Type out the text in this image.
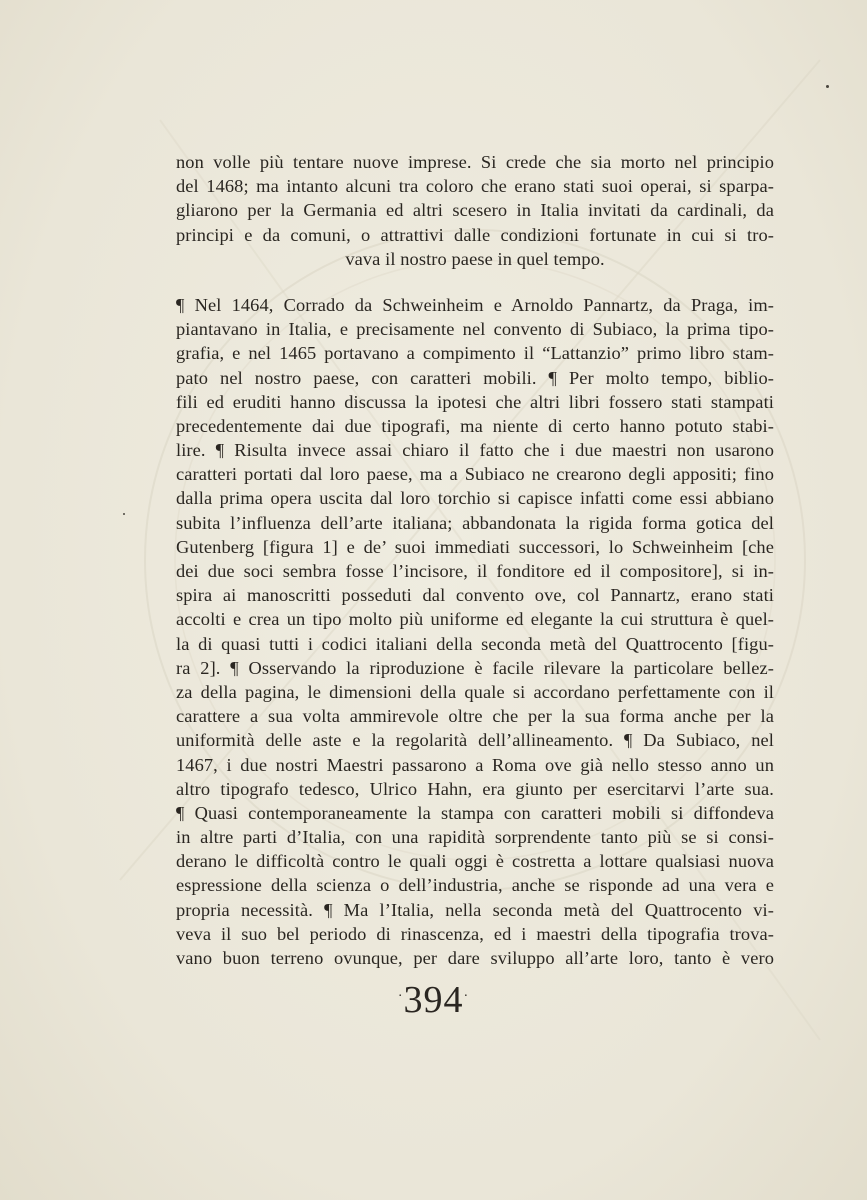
non volle più tentare nuove imprese. Si crede che sia morto nel principio
del 1468; ma intanto alcuni tra coloro che erano stati suoi operai, si sparpa-
gliarono per la Germania ed altri scesero in Italia invitati da cardinali, da
principi e da comuni, o attrattivi dalle condizioni fortunate in cui si tro-
vava il nostro paese in quel tempo.
¶ Nel 1464, Corrado da Schweinheim e Arnoldo Pannartz, da Praga, im-
piantavano in Italia, e precisamente nel convento di Subiaco, la prima tipo-
grafia, e nel 1465 portavano a compimento il “Lattanzio” primo libro stam-
pato nel nostro paese, con caratteri mobili. ¶ Per molto tempo, biblio-
fili ed eruditi hanno discussa la ipotesi che altri libri fossero stati stampati
precedentemente dai due tipografi, ma niente di certo hanno potuto stabi-
lire. ¶ Risulta invece assai chiaro il fatto che i due maestri non usarono
caratteri portati dal loro paese, ma a Subiaco ne crearono degli appositi; fino
dalla prima opera uscita dal loro torchio si capisce infatti come essi abbiano
subita l’influenza dell’arte italiana; abbandonata la rigida forma gotica del
Gutenberg [figura 1] e de’ suoi immediati successori, lo Schweinheim [che
dei due soci sembra fosse l’incisore, il fonditore ed il compositore], si in-
spira ai manoscritti posseduti dal convento ove, col Pannartz, erano stati
accolti e crea un tipo molto più uniforme ed elegante la cui struttura è quel-
la di quasi tutti i codici italiani della seconda metà del Quattrocento [figu-
ra 2]. ¶ Osservando la riproduzione è facile rilevare la particolare bellez-
za della pagina, le dimensioni della quale si accordano perfettamente con il
carattere a sua volta ammirevole oltre che per la sua forma anche per la
uniformità delle aste e la regolarità dell’allineamento. ¶ Da Subiaco, nel
1467, i due nostri Maestri passarono a Roma ove già nello stesso anno un
altro tipografo tedesco, Ulrico Hahn, era giunto per esercitarvi l’arte sua.
¶ Quasi contemporaneamente la stampa con caratteri mobili si diffondeva
in altre parti d’Italia, con una rapidità sorprendente tanto più se si consi-
derano le difficoltà contro le quali oggi è costretta a lottare qualsiasi nuova
espressione della scienza o dell’industria, anche se risponde ad una vera e
propria necessità. ¶ Ma l’Italia, nella seconda metà del Quattrocento vi-
veva il suo bel periodo di rinascenza, ed i maestri della tipografia trova-
vano buon terreno ovunque, per dare sviluppo all’arte loro, tanto è vero
·394·
